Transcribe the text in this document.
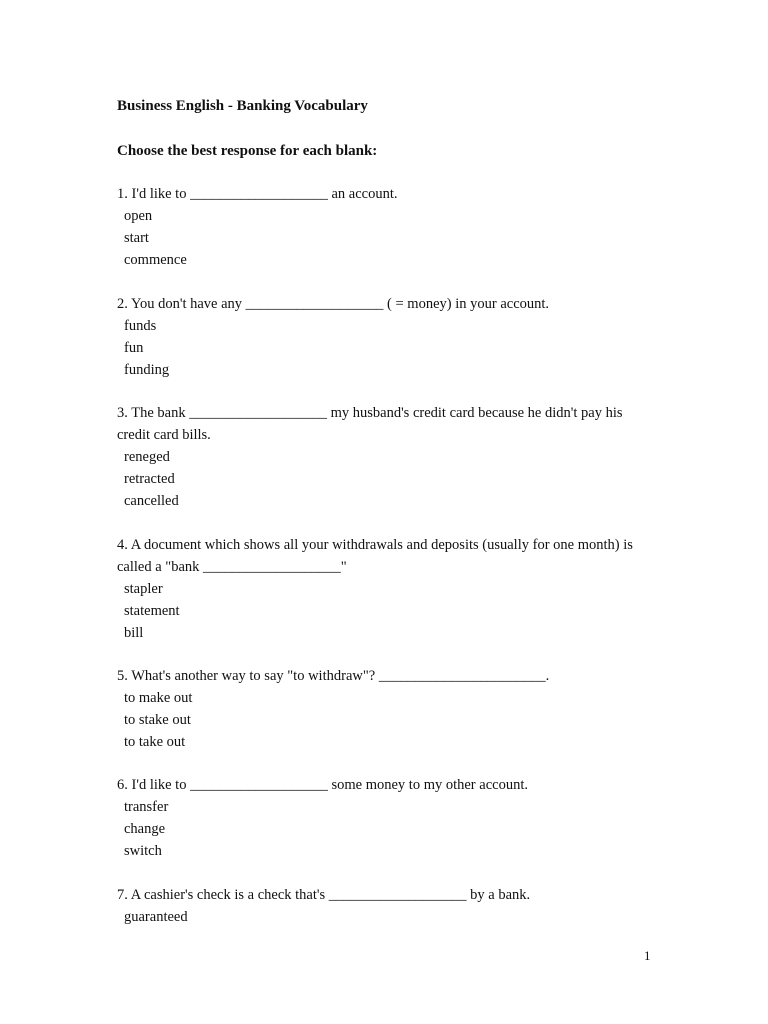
Business English - Banking Vocabulary
Choose the best response for each blank:

1. I'd like to ___________________ an account.

open

start

commence

2. You don't have any ___________________ ( = money) in your account.

funds

fun

funding

3. The bank ___________________ my husband's credit card because he didn't pay his credit card bills.

reneged

retracted

cancelled

4. A document which shows all your withdrawals and deposits (usually for one month) is called a "bank ___________________"

stapler

statement

bill

5. What's another way to say "to withdraw"? _______________________.

to make out

to stake out

to take out

6. I'd like to ___________________ some money to my other account.

transfer

change

switch

7. A cashier's check is a check that's ___________________ by a bank.

guaranteed

1
